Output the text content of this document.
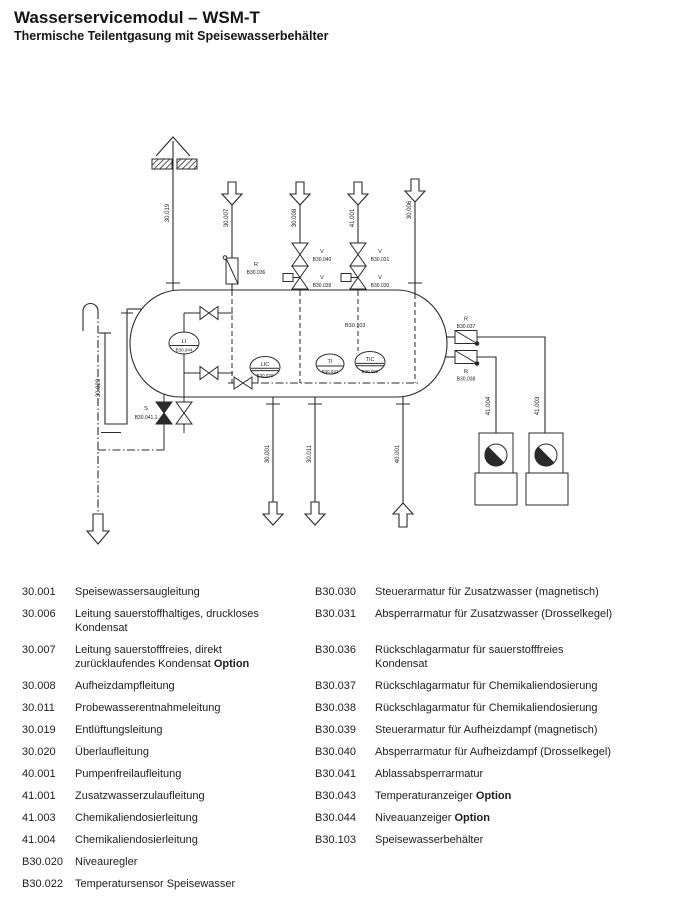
Wasserservicemodul – WSM-T
Thermische Teilentgasung mit Speisewasserbehälter
B30.103
30.019
R
B30.036
30.007
V
B30.040
V
B30.039
30.008
V
B30.031
V
B30.030
41.001	30.006
LI
B30.044
S
B30.041.1
LIC
B30.020
TI
B30.043
TIC
B30.022
R
B30.037
41.003
R
B30.038
41.004
30.020
30.001	30.011	40.001
30.001	Speisewassersaugleitung
30.006	Leitung sauerstoffhaltiges, druckloses
Kondensat
30.007	Leitung sauerstofffreies, direkt
zurücklaufendes Kondensat Option
30.008	Aufheizdampfleitung
30.011	Probewasserentnahmeleitung
30.019	Entlüftungsleitung
30.020	Überlaufleitung
40.001	Pumpenfreilaufleitung
41.001	Zusatzwasserzulaufleitung
41.003	Chemikaliendosierleitung
41.004	Chemikaliendosierleitung
B30.020	Niveauregler
B30.022	Temperatursensor Speisewasser
B30.030	Steuerarmatur für Zusatzwasser (magnetisch)
B30.031	Absperrarmatur für Zusatzwasser (Drosselkegel)
B30.036	Rückschlagarmatur für sauerstofffreies
Kondensat
B30.037	Rückschlagarmatur für Chemikaliendosierung
B30.038	Rückschlagarmatur für Chemikaliendosierung
B30.039	Steuerarmatur für Aufheizdampf (magnetisch)
B30.040	Absperrarmatur für Aufheizdampf (Drosselkegel)
B30.041	Ablassabsperrarmatur
B30.043	Temperaturanzeiger Option
B30.044	Niveauanzeiger Option
B30.103	Speisewasserbehälter
